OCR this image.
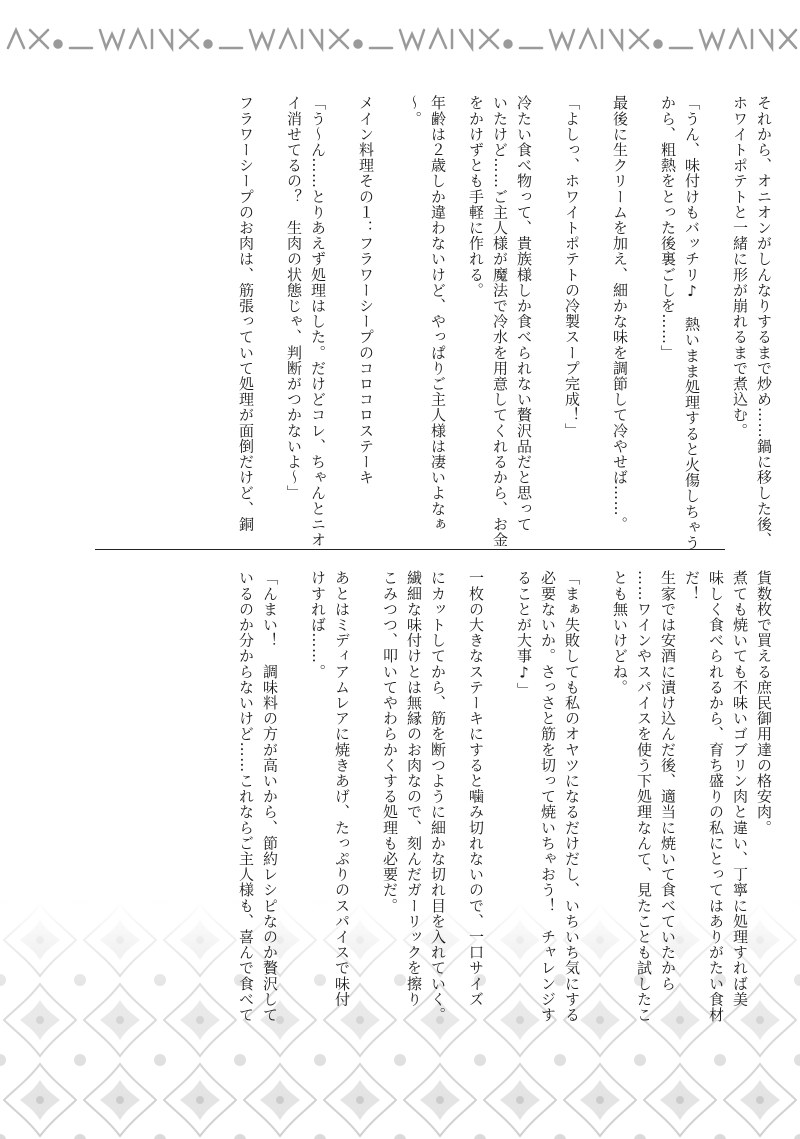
それから、オニオンがしんなりするまで炒め……鍋に移した後、
ホワイトポテトと一緒に形が崩れるまで煮込む。
「うん、味付けもバッチリ♪　熱いまま処理すると火傷しちゃう
から、粗熱をとった後裏ごしを……」
最後に生クリームを加え、細かな味を調節して冷やせば……。
「よしっ、ホワイトポテトの冷製スープ完成！」
冷たい食べ物って、貴族様しか食べられない贅沢品だと思って
いたけど……ご主人様が魔法で冷水を用意してくれるから、お金
をかけずとも手軽に作れる。
年齢は２歳しか違わないけど、やっぱりご主人様は凄いよなぁ
～。
メイン料理その１：フラワーシープのコロコロステーキ
「う～ん……とりあえず処理はした。だけどコレ、ちゃんとニオ
イ消せてるの？　生肉の状態じゃ、判断がつかないよ～」
フラワーシープのお肉は、筋張っていて処理が面倒だけど、銅
貨数枚で買える庶民御用達の格安肉。
煮ても焼いても不味いゴブリン肉と違い、丁寧に処理すれば美
味しく食べられるから、育ち盛りの私にとってはありがたい食材
だ！
生家では安酒に漬け込んだ後、適当に焼いて食べていたから
……ワインやスパイスを使う下処理なんて、見たことも試したこ
とも無いけどね。
「まぁ失敗しても私のオヤツになるだけだし、いちいち気にする
必要ないか。さっさと筋を切って焼いちゃおう！　チャレンジす
ることが大事♪」
一枚の大きなステーキにすると噛み切れないので、一口サイズ
にカットしてから、筋を断つように細かな切れ目を入れていく。
繊細な味付けとは無縁のお肉なので、刻んだガーリックを擦り
こみつつ、叩いてやわらかくする処理も必要だ。
あとはミディアムレアに焼きあげ、たっぷりのスパイスで味付
けすれば……。
「んまい！　調味料の方が高いから、節約レシピなのか贅沢して
いるのか分からないけど……これならご主人様も、喜んで食べて
